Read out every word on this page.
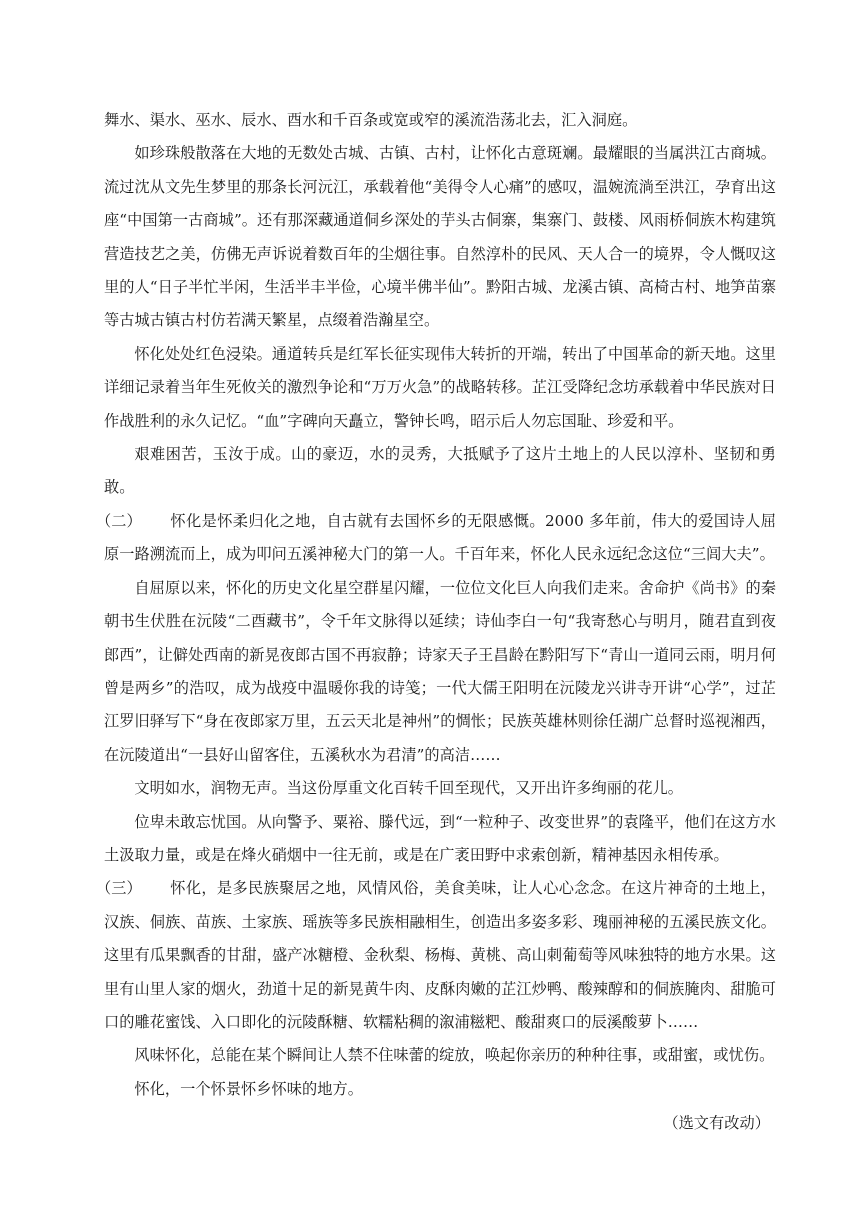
舞水、渠水、巫水、辰水、酉水和千百条或宽或窄的溪流浩荡北去，汇入洞庭。

如珍珠般散落在大地的无数处古城、古镇、古村，让怀化古意斑斓。最耀眼的当属洪江古商城。流过沈从文先生梦里的那条长河沅江，承载着他“美得令人心痛”的感叹，温婉流淌至洪江，孕育出这座“中国第一古商城”。还有那深藏通道侗乡深处的芋头古侗寨，集寨门、鼓楼、风雨桥侗族木构建筑营造技艺之美，仿佛无声诉说着数百年的尘烟往事。自然淳朴的民风、天人合一的境界，令人慨叹这里的人“日子半忙半闲，生活半丰半俭，心境半佛半仙”。黔阳古城、龙溪古镇、高椅古村、地笋苗寨等古城古镇古村仿若满天繁星，点缀着浩瀚星空。

怀化处处红色浸染。通道转兵是红军长征实现伟大转折的开端，转出了中国革命的新天地。这里详细记录着当年生死攸关的激烈争论和“万万火急”的战略转移。芷江受降纪念坊承载着中华民族对日作战胜利的永久记忆。“血”字碑向天矗立，警钟长鸣，昭示后人勿忘国耻、珍爱和平。

艰难困苦，玉汝于成。山的豪迈，水的灵秀，大抵赋予了这片土地上的人民以淳朴、坚韧和勇敢。

（二） 怀化是怀柔归化之地，自古就有去国怀乡的无限感慨。2000 多年前，伟大的爱国诗人屈原一路溯流而上，成为叩问五溪神秘大门的第一人。千百年来，怀化人民永远纪念这位“三闾大夫”。

自屈原以来，怀化的历史文化星空群星闪耀，一位位文化巨人向我们走来。舍命护《尚书》的秦朝书生伏胜在沅陵“二酉藏书”，令千年文脉得以延续；诗仙李白一句“我寄愁心与明月，随君直到夜郎西”，让僻处西南的新晃夜郎古国不再寂静；诗家天子王昌龄在黔阳写下“青山一道同云雨，明月何曾是两乡”的浩叹，成为战疫中温暖你我的诗笺；一代大儒王阳明在沅陵龙兴讲寺开讲“心学”，过芷江罗旧驿写下“身在夜郎家万里，五云天北是神州”的惆怅；民族英雄林则徐任湖广总督时巡视湘西，在沅陵道出“一县好山留客住，五溪秋水为君清”的高洁……

文明如水，润物无声。当这份厚重文化百转千回至现代，又开出许多绚丽的花儿。

位卑未敢忘忧国。从向警予、粟裕、滕代远，到“一粒种子、改变世界”的袁隆平，他们在这方水土汲取力量，或是在烽火硝烟中一往无前，或是在广袤田野中求索创新，精神基因永相传承。

（三） 怀化，是多民族聚居之地，风情风俗，美食美味，让人心心念念。在这片神奇的土地上，汉族、侗族、苗族、土家族、瑶族等多民族相融相生，创造出多姿多彩、瑰丽神秘的五溪民族文化。这里有瓜果飘香的甘甜，盛产冰糖橙、金秋梨、杨梅、黄桃、高山刺葡萄等风味独特的地方水果。这里有山里人家的烟火，劲道十足的新晃黄牛肉、皮酥肉嫩的芷江炒鸭、酸辣醇和的侗族腌肉、甜脆可口的雕花蜜饯、入口即化的沅陵酥糖、软糯粘稠的溆浦糍粑、酸甜爽口的辰溪酸萝卜……

风味怀化，总能在某个瞬间让人禁不住味蕾的绽放，唤起你亲历的种种往事，或甜蜜，或忧伤。

怀化，一个怀景怀乡怀味的地方。

（选文有改动）
